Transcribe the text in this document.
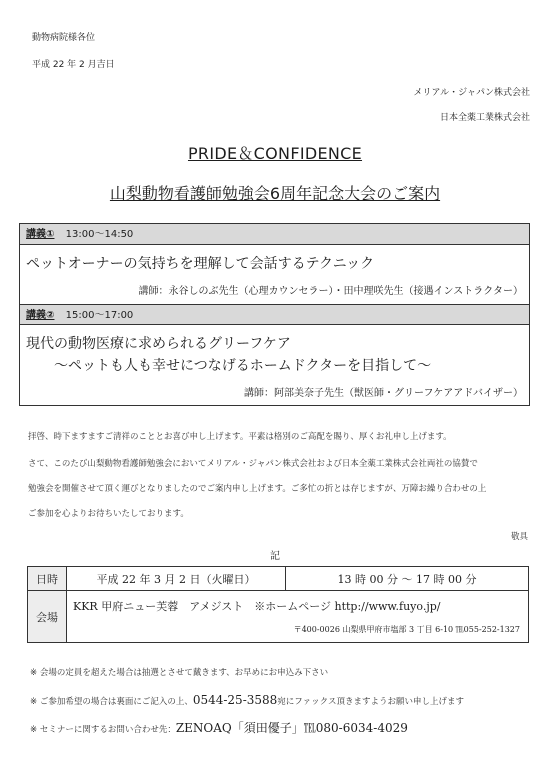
動物病院様各位
平成 22 年 2 月吉日
メリアル・ジャパン株式会社
日本全薬工業株式会社
PRIDE＆CONFIDENCE
山梨動物看護師勉強会6周年記念大会のご案内
講義① 13:00～14:50
ペットオーナーの気持ちを理解して会話するテクニック
講師：永谷しのぶ先生（心理カウンセラー）・田中理咲先生（接遇インストラクター）
講義② 15:00～17:00
現代の動物医療に求められるグリーフケア
～ペットも人も幸せにつなげるホームドクターを目指して～
講師：阿部美奈子先生（獣医師・グリーフケアアドバイザー）
拝啓、時下ますますご清祥のこととお喜び申し上げます。平素は格別のご高配を賜り、厚くお礼申し上げます。
さて、このたび山梨動物看護師勉強会においてメリアル・ジャパン株式会社および日本全薬工業株式会社両社の協賛で
勉強会を開催させて頂く運びとなりましたのでご案内申し上げます。ご多忙の折とは存じますが、万障お繰り合わせの上
ご参加を心よりお待ちいたしております。
敬具
記
日時	平成 22 年 3 月 2 日（火曜日）	13 時 00 分 ～ 17 時 00 分
会場	KKR 甲府ニュー芙蓉　アメジスト　※ホームページ http://www.fuyo.jp/
〒400-0026 山梨県甲府市塩部 3 丁目 6-10 ℡055-252-1327	
※ 会場の定員を超えた場合は抽選とさせて戴きます、お早めにお申込み下さい
※ ご参加希望の場合は裏面にご記入の上、0544-25-3588宛にファックス頂きますようお願い申し上げます
※ セミナーに関するお問い合わせ先：ZENOAQ「須田優子」℡080-6034-4029
